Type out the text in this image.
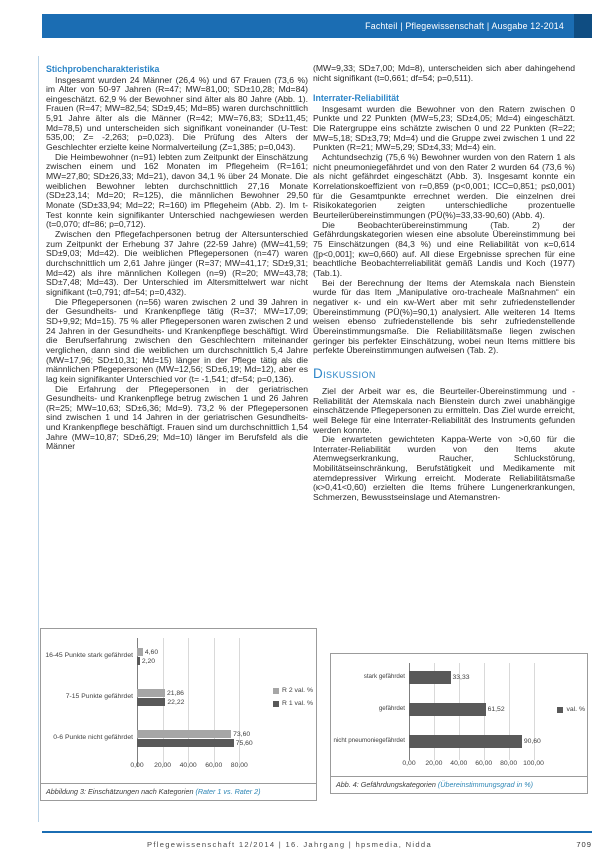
Fachteil | Pflegewissenschaft | Ausgabe 12-2014
Stichprobencharakteristika

Insgesamt wurden 24 Männer (26,4 %) und 67 Frauen (73,6 %) im Alter von 50-97 Jahren (R=47; MW=81,00; SD±10,28; Md=84) eingeschätzt. 62,9 % der Bewohner sind älter als 80 Jahre (Abb. 1). Frauen (R=47; MW=82,54; SD±9,45; Md=85) waren durchschnittlich 5,91 Jahre älter als die Männer (R=42; MW=76,83; SD±11,45; Md=78,5) und unterscheiden sich signifikant voneinander (U-Test: 535,00; Z= -2,263; p=0,023). Die Prüfung des Alters der Geschlechter erzielte keine Normalverteilung (Z=1,385; p=0,043).

Die Heimbewohner (n=91) lebten zum Zeitpunkt der Einschätzung zwischen einem und 162 Monaten im Pflegeheim (R=161; MW=27,80; SD±26,33; Md=21), davon 34,1 % über 24 Monate. Die weiblichen Bewohner lebten durchschnittlich 27,16 Monate (SD±23,14; Md=20; R=125), die männlichen Bewohner 29,50 Monate (SD±33,94; Md=22; R=160) im Pflegeheim (Abb. 2). Im t-Test konnte kein signifikanter Unterschied nachgewiesen werden (t=0,070; df=86; p=0,712).

Zwischen den Pflegefachpersonen betrug der Altersunterschied zum Zeitpunkt der Erhebung 37 Jahre (22-59 Jahre) (MW=41,59; SD±9,03; Md=42). Die weiblichen Pflegepersonen (n=47) waren durchschnittlich um 2,61 Jahre jünger (R=37; MW=41,17; SD±9,31; Md=42) als ihre männlichen Kollegen (n=9) (R=20; MW=43,78; SD±7,48; Md=43). Der Unterschied im Altersmittelwert war nicht signifikant (t=0,791; df=54; p=0,432).

Die Pflegepersonen (n=56) waren zwischen 2 und 39 Jahren in der Gesundheits- und Krankenpflege tätig (R=37; MW=17,09; SD+9,92; Md=15). 75 % aller Pflegepersonen waren zwischen 2 und 24 Jahren in der Gesundheits- und Krankenpflege beschäftigt. Wird die Berufserfahrung zwischen den Geschlechtern miteinander verglichen, dann sind die weiblichen um durchschnittlich 5,4 Jahre (MW=17,96; SD±10,31; Md=15) länger in der Pflege tätig als die männlichen Pflegepersonen (MW=12,56; SD±6,19; Md=12), aber es lag kein signifikanter Unterschied vor (t= -1,541; df=54; p=0,136).

Die Erfahrung der Pflegepersonen in der geriatrischen Gesundheits- und Krankenpflege betrug zwischen 1 und 26 Jahren (R=25; MW=10,63; SD±6,36; Md=9). 73,2 % der Pflegepersonen sind zwischen 1 und 14 Jahren in der geriatrischen Gesundheits- und Krankenpflege beschäftigt. Frauen sind um durchschnittlich 1,54 Jahre (MW=10,87; SD±6,29; Md=10) länger im Berufsfeld als die Männer

(MW=9,33; SD±7,00; Md=8), unterscheiden sich aber dahingehend nicht signifikant (t=0,661; df=54; p=0,511).

Interrater-Reliabilität

Insgesamt wurden die Bewohner von den Ratern zwischen 0 Punkte und 22 Punkten (MW=5,23; SD±4,05; Md=4) eingeschätzt. Die Ratergruppe eins schätzte zwischen 0 und 22 Punkten (R=22; MW=5,18; SD±3,79; Md=4) und die Gruppe zwei zwischen 1 und 22 Punkten (R=21; MW=5,29; SD±4,33; Md=4) ein.

Achtundsechzig (75,6 %) Bewohner wurden von den Ratern 1 als nicht pneumoniegefährdet und von den Rater 2 wurden 64 (73,6 %) als nicht gefährdet eingeschätzt (Abb. 3). Insgesamt konnte ein Korrelationskoeffizient von r=0,859 (p<0,001; ICC=0,851; p≤0,001) für die Gesamtpunkte errechnet werden. Die einzelnen drei Risikokategorien zeigten unterschiedliche prozentuelle Beurteilerübereinstimmungen (PÜ(%)=33,33-90,60) (Abb. 4).

Die Beobachterübereinstimmung (Tab. 2) der Gefährdungskategorien wiesen eine absolute Übereinstimmung bei 75 Einschätzungen (84,3 %) und eine Reliabilität von κ=0,614 ([p<0,001]; κw=0,660) auf. All diese Ergebnisse sprechen für eine beachtliche Beobachterreliabilität gemäß Landis und Koch (1977) (Tab.1).

Bei der Berechnung der Items der Atemskala nach Bienstein wurde für das Item „Manipulative oro-tracheale Maßnahmen“ ein negativer κ- und ein κw-Wert aber mit sehr zufriedenstellender Übereinstimmung (PÜ(%)=90,1) analysiert. Alle weiteren 14 Items weisen ebenso zufriedenstellende bis sehr zufriedenstellende Übereinstimmungsmaße. Die Reliabilitätsmaße liegen zwischen geringer bis perfekter Einschätzung, wobei neun Items mittlere bis perfekte Übereinstimmungen aufweisen (Tab. 2).

Diskussion

Ziel der Arbeit war es, die Beurteiler-Übereinstimmung und -Reliabilität der Atemskala nach Bienstein durch zwei unabhängige einschätzende Pflegepersonen zu ermitteln. Das Ziel wurde erreicht, weil Belege für eine Interrater-Reliabilität des Instruments gefunden werden konnte.

Die erwarteten gewichteten Kappa-Werte von >0,60 für die Interrater-Reliabilität wurden von den Items akute Atemwegserkrankung, Raucher, Schluckstörung, Mobilitätseinschränkung, Berufstätigkeit und Medikamente mit atemdepressiver Wirkung erreicht. Moderate Reliabilitätsmaße (κ>0,41<0,60) erzielten die Items frühere Lungenerkrankungen, Schmerzen, Bewusstseinslage und Atemanstren-

16-45 Punkte stark gefährdet
4,60
2,20
7-15 Punkte gefährdet
21,86
22,22
0-6 Punkte nicht gefährdet
73,60
75,60
0,00 20,00 40,00 60,00 80,00
R 2 val. %
R 1 val. %
Abbildung 3: Einschätzungen nach Kategorien (Rater 1 vs. Rater 2)
stark gefährdet	33,33
gefährdet	61,52
nicht pneumoniegefährdet	90,60
0,00 20,00 40,00 60,00 80,00 100,00
val. %
Abb. 4: Gefährdungskategorien (Übereinstimmungsgrad in %)
Pflegewissenschaft 12/2014 | 16. Jahrgang | hpsmedia, Nidda	709
